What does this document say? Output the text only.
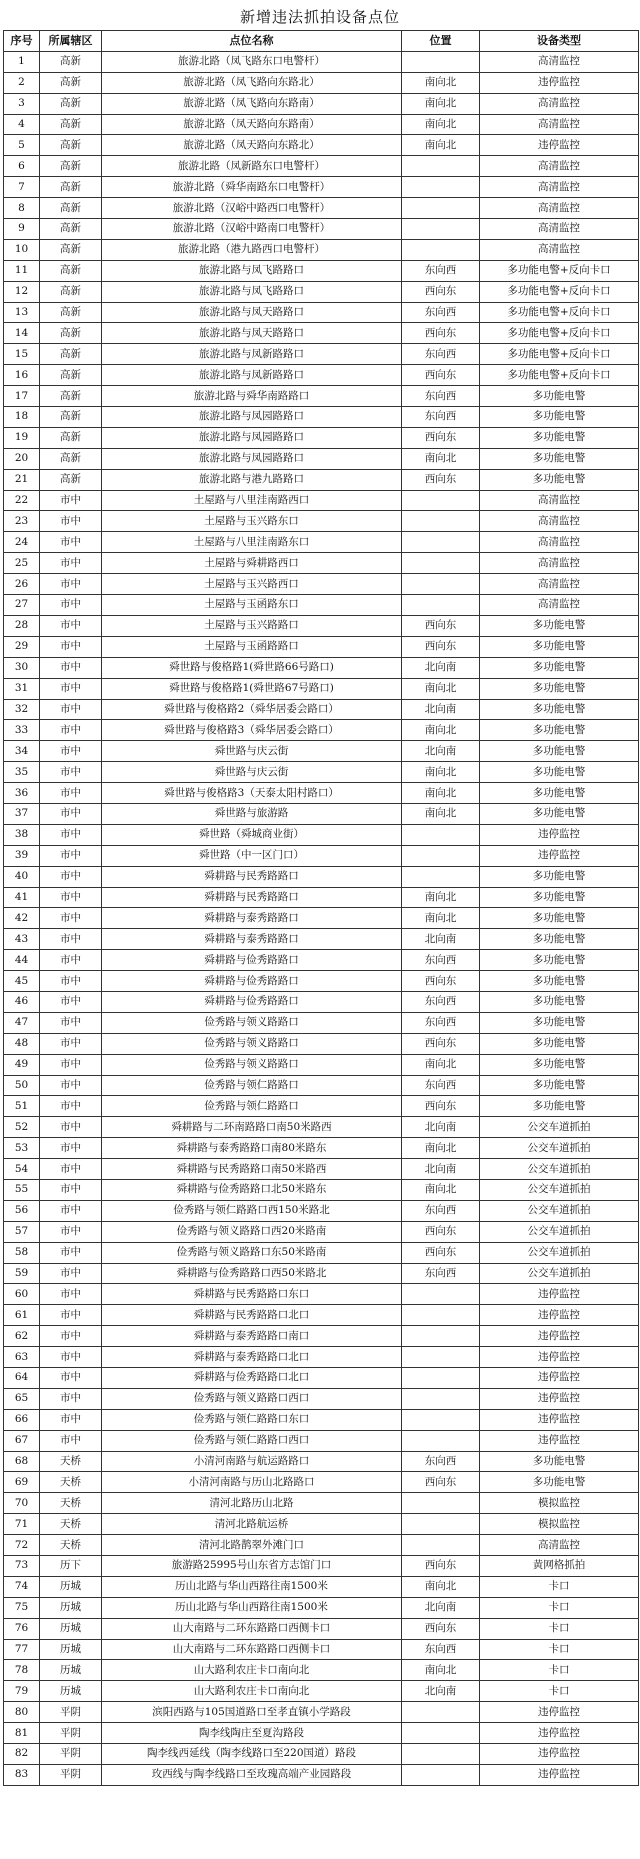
新增违法抓拍设备点位
序号	所属辖区	点位名称	位置	设备类型
1	高新	旅游北路（凤飞路东口电警杆）		高清监控
2	高新	旅游北路（凤飞路向东路北）	南向北	违停监控
3	高新	旅游北路（凤飞路向东路南）	南向北	高清监控
4	高新	旅游北路（凤天路向东路南）	南向北	高清监控
5	高新	旅游北路（凤天路向东路北）	南向北	违停监控
6	高新	旅游北路（凤新路东口电警杆）		高清监控
7	高新	旅游北路（舜华南路东口电警杆）		高清监控
8	高新	旅游北路（汉峪中路西口电警杆）		高清监控
9	高新	旅游北路（汉峪中路南口电警杆）		高清监控
10	高新	旅游北路（港九路西口电警杆）		高清监控
11	高新	旅游北路与凤飞路路口	东向西	多功能电警+反向卡口
12	高新	旅游北路与凤飞路路口	西向东	多功能电警+反向卡口
13	高新	旅游北路与凤天路路口	东向西	多功能电警+反向卡口
14	高新	旅游北路与凤天路路口	西向东	多功能电警+反向卡口
15	高新	旅游北路与凤新路路口	东向西	多功能电警+反向卡口
16	高新	旅游北路与凤新路路口	西向东	多功能电警+反向卡口
17	高新	旅游北路与舜华南路路口	东向西	多功能电警
18	高新	旅游北路与凤园路路口	东向西	多功能电警
19	高新	旅游北路与凤园路路口	西向东	多功能电警
20	高新	旅游北路与凤园路路口	南向北	多功能电警
21	高新	旅游北路与港九路路口	西向东	多功能电警
22	市中	土屋路与八里洼南路西口		高清监控
23	市中	土屋路与玉兴路东口		高清监控
24	市中	土屋路与八里洼南路东口		高清监控
25	市中	土屋路与舜耕路西口		高清监控
26	市中	土屋路与玉兴路西口		高清监控
27	市中	土屋路与玉函路东口		高清监控
28	市中	土屋路与玉兴路路口	西向东	多功能电警
29	市中	土屋路与玉函路路口	西向东	多功能电警
30	市中	舜世路与俊格路1(舜世路66号路口)	北向南	多功能电警
31	市中	舜世路与俊格路1(舜世路67号路口)	南向北	多功能电警
32	市中	舜世路与俊格路2（舜华居委会路口）	北向南	多功能电警
33	市中	舜世路与俊格路3（舜华居委会路口）	南向北	多功能电警
34	市中	舜世路与庆云街	北向南	多功能电警
35	市中	舜世路与庆云街	南向北	多功能电警
36	市中	舜世路与俊格路3（天泰太阳村路口）	南向北	多功能电警
37	市中	舜世路与旅游路	南向北	多功能电警
38	市中	舜世路（舜城商业街）		违停监控
39	市中	舜世路（中一区门口）		违停监控
40	市中	舜耕路与民秀路路口		多功能电警
41	市中	舜耕路与民秀路路口	南向北	多功能电警
42	市中	舜耕路与泰秀路路口	南向北	多功能电警
43	市中	舜耕路与泰秀路路口	北向南	多功能电警
44	市中	舜耕路与俭秀路路口	东向西	多功能电警
45	市中	舜耕路与俭秀路路口	西向东	多功能电警
46	市中	舜耕路与俭秀路路口	东向西	多功能电警
47	市中	俭秀路与领义路路口	东向西	多功能电警
48	市中	俭秀路与领义路路口	西向东	多功能电警
49	市中	俭秀路与领义路路口	南向北	多功能电警
50	市中	俭秀路与领仁路路口	东向西	多功能电警
51	市中	俭秀路与领仁路路口	西向东	多功能电警
52	市中	舜耕路与二环南路路口南50米路西	北向南	公交车道抓拍
53	市中	舜耕路与泰秀路路口南80米路东	南向北	公交车道抓拍
54	市中	舜耕路与民秀路路口南50米路西	北向南	公交车道抓拍
55	市中	舜耕路与俭秀路路口北50米路东	南向北	公交车道抓拍
56	市中	俭秀路与领仁路路口西150米路北	东向西	公交车道抓拍
57	市中	俭秀路与领义路路口西20米路南	西向东	公交车道抓拍
58	市中	俭秀路与领义路路口东50米路南	西向东	公交车道抓拍
59	市中	舜耕路与俭秀路路口西50米路北	东向西	公交车道抓拍
60	市中	舜耕路与民秀路路口东口		违停监控
61	市中	舜耕路与民秀路路口北口		违停监控
62	市中	舜耕路与泰秀路路口南口		违停监控
63	市中	舜耕路与泰秀路路口北口		违停监控
64	市中	舜耕路与俭秀路路口北口		违停监控
65	市中	俭秀路与领义路路口西口		违停监控
66	市中	俭秀路与领仁路路口东口		违停监控
67	市中	俭秀路与领仁路路口西口		违停监控
68	天桥	小清河南路与航运路路口	东向西	多功能电警
69	天桥	小清河南路与历山北路路口	西向东	多功能电警
70	天桥	清河北路历山北路		模拟监控
71	天桥	清河北路航运桥		模拟监控
72	天桥	清河北路鹊翠外滩门口		高清监控
73	历下	旅游路25995号山东省方志馆门口	西向东	黄网格抓拍
74	历城	历山北路与华山西路往南1500米	南向北	卡口
75	历城	历山北路与华山西路往南1500米	北向南	卡口
76	历城	山大南路与二环东路路口西侧卡口	西向东	卡口
77	历城	山大南路与二环东路路口西侧卡口	东向西	卡口
78	历城	山大路利农庄卡口南向北	南向北	卡口
79	历城	山大路利农庄卡口南向北	北向南	卡口
80	平阴	滨阳西路与105国道路口至孝直镇小学路段		违停监控
81	平阴	陶李线陶庄至夏沟路段		违停监控
82	平阴	陶李线西延线（陶李线路口至220国道）路段		违停监控
83	平阴	玫西线与陶李线路口至玫瑰高端产业园路段		违停监控
